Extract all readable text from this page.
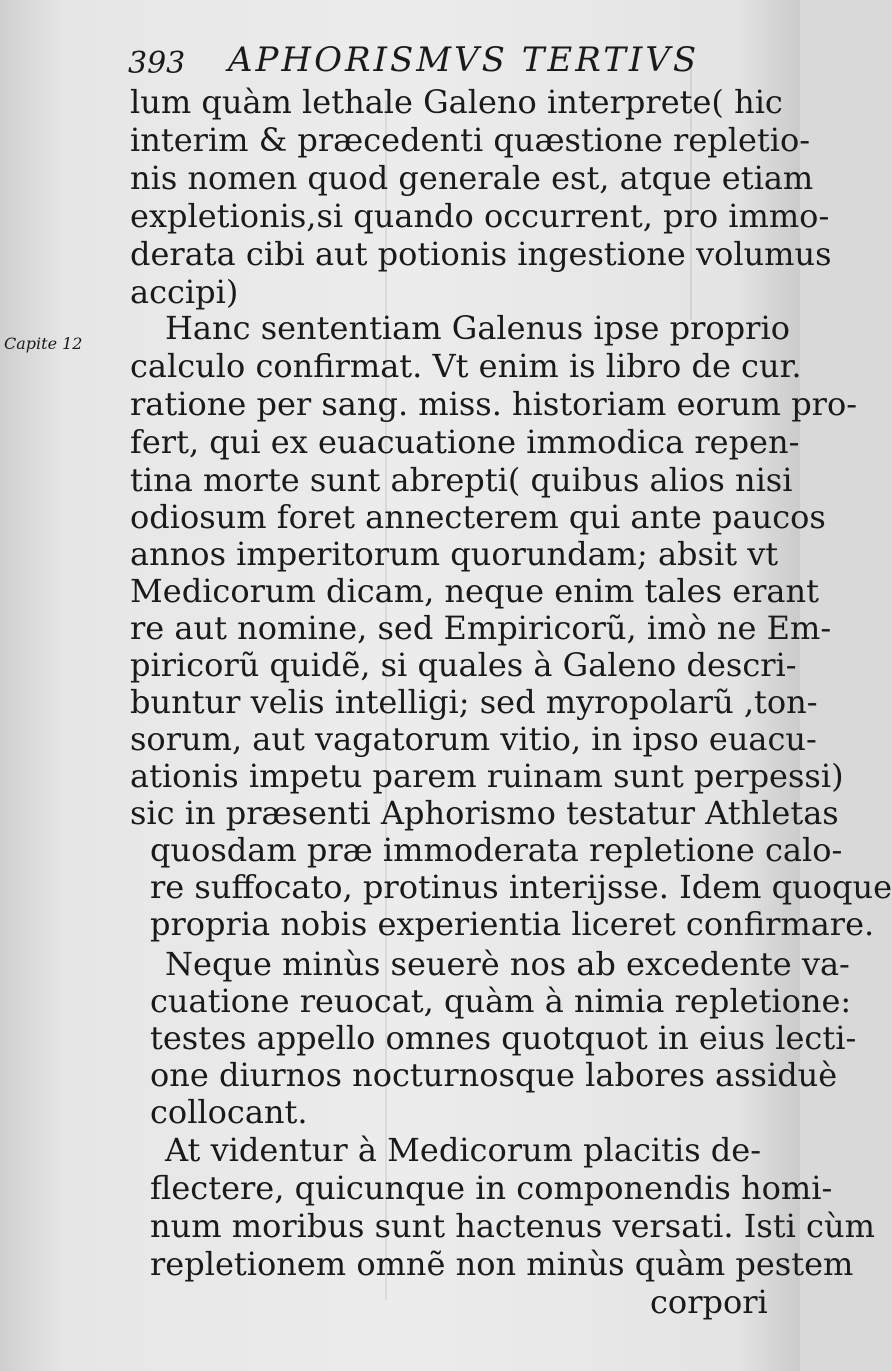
393 APHORISMVS TERTIVS
Capite 12
lum quàm lethale Galeno interprete( hic
interim & præcedenti quæstione repletio-
nis nomen quod generale est, atque etiam
expletionis,si quando occurrent, pro immo-
derata cibi aut potionis ingestione volumus
accipi)
Hanc sententiam Galenus ipse proprio
calculo confirmat. Vt enim is libro de cur.
ratione per sang. miss. historiam eorum pro-
fert, qui ex euacuatione immodica repen-
tina morte sunt abrepti( quibus alios nisi
odiosum foret annecterem qui ante paucos
annos imperitorum quorundam; absit vt
Medicorum dicam, neque enim tales erant
re aut nomine, sed Empiricorũ, imò ne Em-
piricorũ quidẽ, si quales à Galeno descri-
buntur velis intelligi; sed myropolarũ ,ton-
sorum, aut vagatorum vitio, in ipso euacu-
ationis impetu parem ruinam sunt perpessi)
sic in præsenti Aphorismo testatur Athletas
quosdam præ immoderata repletione calo-
re suffocato, protinus interijsse. Idem quoque
propria nobis experientia liceret confirmare.
Neque minùs seuerè nos ab excedente va-
cuatione reuocat, quàm à nimia repletione:
testes appello omnes quotquot in eius lecti-
one diurnos nocturnosque labores assiduè
collocant.
At videntur à Medicorum placitis de-
flectere, quicunque in componendis homi-
num moribus sunt hactenus versati. Isti cùm
repletionem omnẽ non minùs quàm pestem
corpori
